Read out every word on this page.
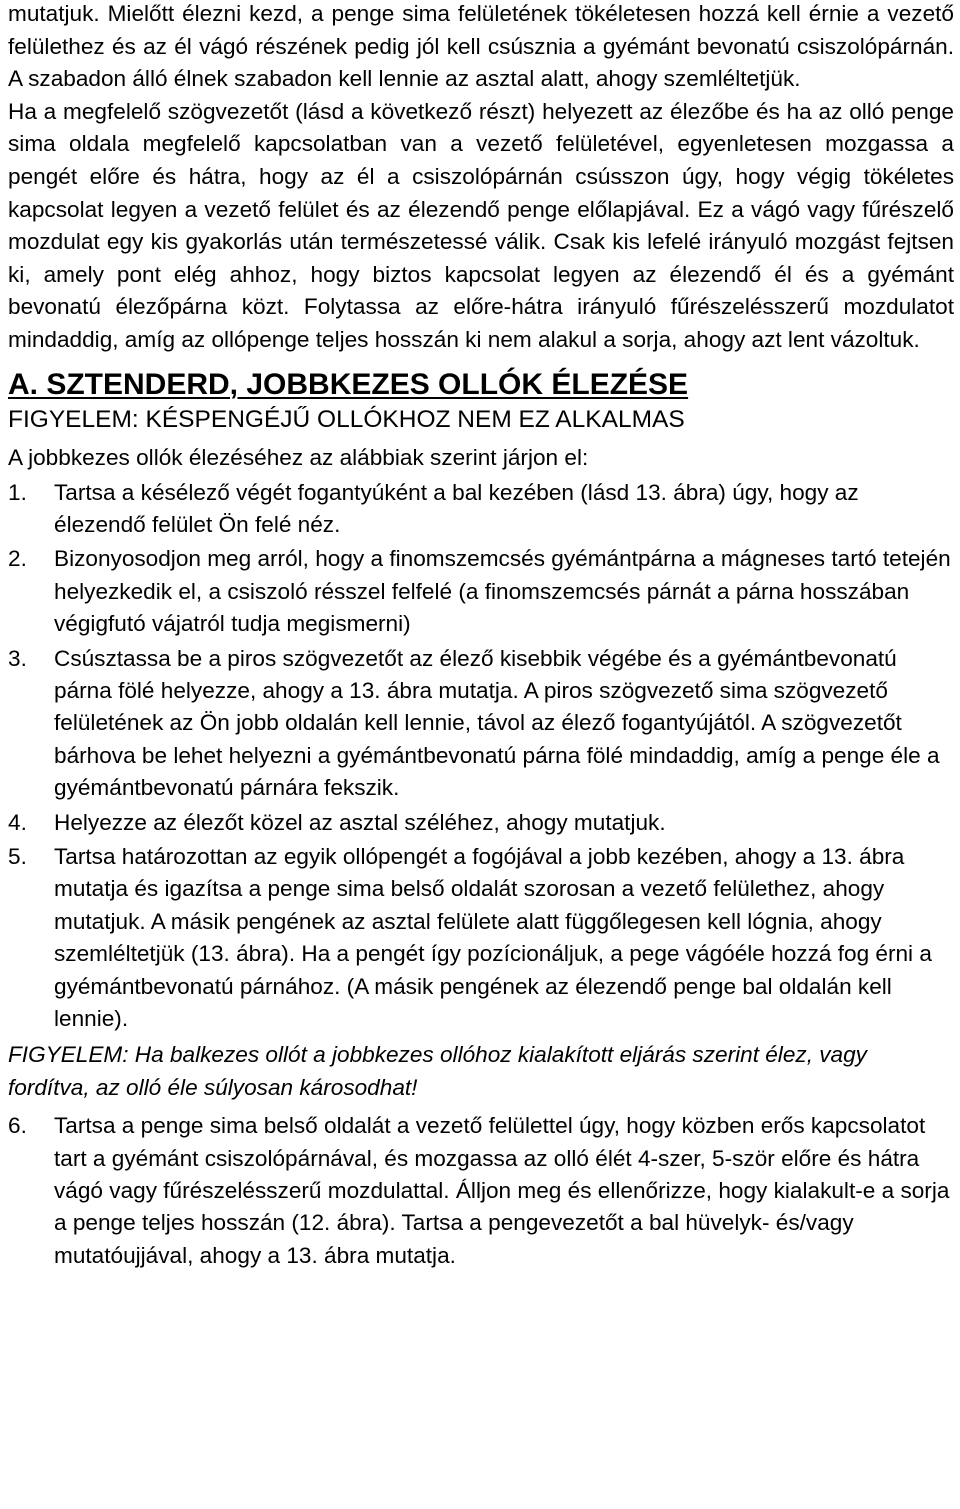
mutatjuk. Mielőtt élezni kezd, a penge sima felületének tökéletesen hozzá kell érnie a vezető felülethez és az él vágó részének pedig jól kell csúsznia a gyémánt bevonatú csiszolópárnán. A szabadon álló élnek szabadon kell lennie az asztal alatt, ahogy szemléltetjük.

Ha a megfelelő szögvezetőt (lásd a következő részt) helyezett az élezőbe és ha az olló penge sima oldala megfelelő kapcsolatban van a vezető felületével, egyenletesen mozgassa a pengét előre és hátra, hogy az él a csiszolópárnán csússzon úgy, hogy végig tökéletes kapcsolat legyen a vezető felület és az élezendő penge előlapjával. Ez a vágó vagy fűrészelő mozdulat egy kis gyakorlás után természetessé válik. Csak kis lefelé irányuló mozgást fejtsen ki, amely pont elég ahhoz, hogy biztos kapcsolat legyen az élezendő él és a gyémánt bevonatú élezőpárna közt. Folytassa az előre-hátra irányuló fűrészelésszerű mozdulatot mindaddig, amíg az ollópenge teljes hosszán ki nem alakul a sorja, ahogy azt lent vázoltuk.

A. SZTENDERD, JOBBKEZES OLLÓK ÉLEZÉSE
FIGYELEM: KÉSPENGÉJŰ OLLÓKHOZ NEM EZ ALKALMAS
A jobbkezes ollók élezéséhez az alábbiak szerint járjon el:
1.	Tartsa a késélező végét fogantyúként a bal kezében (lásd 13. ábra) úgy, hogy az élezendő felület Ön felé néz.
2.	Bizonyosodjon meg arról, hogy a finomszemcsés gyémántpárna a mágneses tartó tetején helyezkedik el, a csiszoló résszel felfelé (a finomszemcsés párnát a párna hosszában végigfutó vájatról tudja megismerni)
3.	Csúsztassa be a piros szögvezetőt az élező kisebbik végébe és a gyémántbevonatú párna fölé helyezze, ahogy a 13. ábra mutatja. A piros szögvezető sima szögvezető felületének az Ön jobb oldalán kell lennie, távol az élező fogantyújától. A szögvezetőt bárhova be lehet helyezni a gyémántbevonatú párna fölé mindaddig, amíg a penge éle a gyémántbevonatú párnára fekszik.
4.	Helyezze az élezőt közel az asztal széléhez, ahogy mutatjuk.
5.	Tartsa határozottan az egyik ollópengét a fogójával a jobb kezében, ahogy a 13. ábra mutatja és igazítsa a penge sima belső oldalát szorosan a vezető felülethez, ahogy mutatjuk. A másik pengének az asztal felülete alatt függőlegesen kell lógnia, ahogy szemléltetjük (13. ábra). Ha a pengét így pozícionáljuk, a pege vágóéle hozzá fog érni a gyémántbevonatú párnához. (A másik pengének az élezendő penge bal oldalán kell lennie).
FIGYELEM: Ha balkezes ollót a jobbkezes ollóhoz kialakított eljárás szerint élez, vagy fordítva, az olló éle súlyosan károsodhat!
6.	Tartsa a penge sima belső oldalát a vezető felülettel úgy, hogy közben erős kapcsolatot tart a gyémánt csiszolópárnával, és mozgassa az olló élét 4-szer, 5-ször előre és hátra vágó vagy fűrészelésszerű mozdulattal. Álljon meg és ellenőrizze, hogy kialakult-e a sorja a penge teljes hosszán (12. ábra). Tartsa a pengevezetőt a bal hüvelyk- és/vagy mutatóujjával, ahogy a 13. ábra mutatja.
